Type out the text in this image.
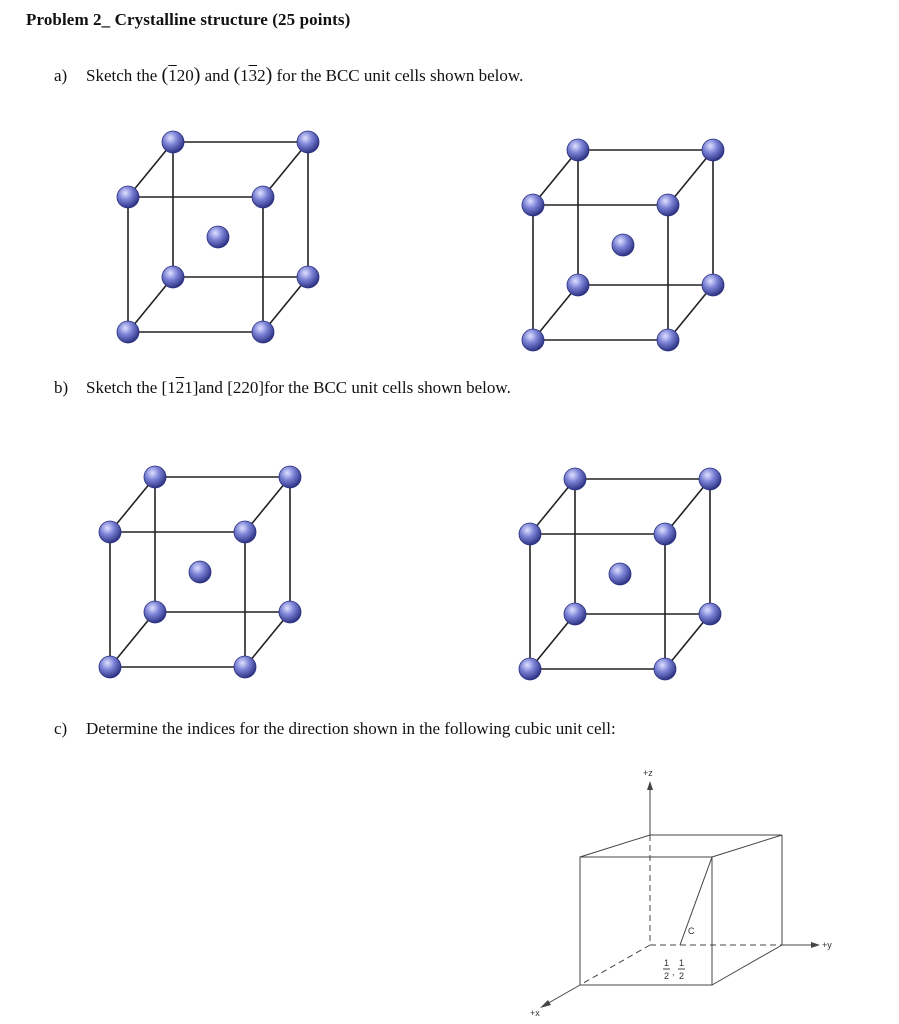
Problem 2_ Crystalline structure (25 points)
a) Sketch the (120) and (132) for the BCC unit cells shown below.
b) Sketch the [121]and [220]for the BCC unit cells shown below.
c) Determine the indices for the direction shown in the following cubic unit cell:
+z
+x
+y
C
1
2 ,
1
2
